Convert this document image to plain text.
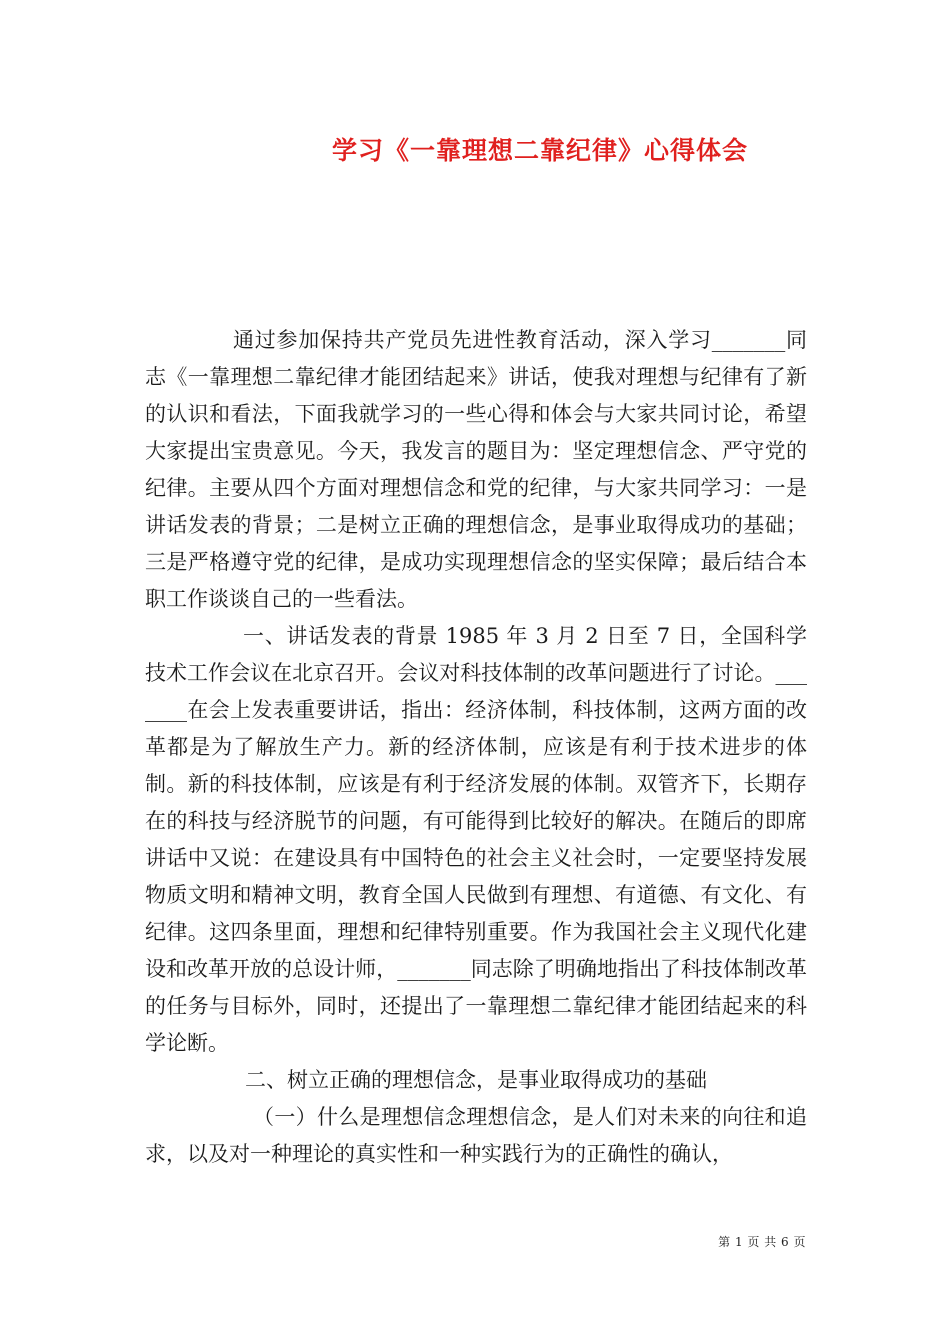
学习《一靠理想二靠纪律》心得体会

通过参加保持共产党员先进性教育活动，深入学习_______同志《一靠理想二靠纪律才能团结起来》讲话，使我对理想与纪律有了新的认识和看法，下面我就学习的一些心得和体会与大家共同讨论，希望大家提出宝贵意见。今天，我发言的题目为：坚定理想信念、严守党的纪律。主要从四个方面对理想信念和党的纪律，与大家共同学习：一是讲话发表的背景；二是树立正确的理想信念，是事业取得成功的基础；三是严格遵守党的纪律，是成功实现理想信念的坚实保障；最后结合本职工作谈谈自己的一些看法。

一、讲话发表的背景 1985 年 3 月 2 日至 7 日，全国科学技术工作会议在北京召开。会议对科技体制的改革问题进行了讨论。_______在会上发表重要讲话，指出：经济体制，科技体制，这两方面的改革都是为了解放生产力。新的经济体制，应该是有利于技术进步的体制。新的科技体制，应该是有利于经济发展的体制。双管齐下，长期存在的科技与经济脱节的问题，有可能得到比较好的解决。在随后的即席讲话中又说：在建设具有中国特色的社会主义社会时，一定要坚持发展物质文明和精神文明，教育全国人民做到有理想、有道德、有文化、有纪律。这四条里面，理想和纪律特别重要。作为我国社会主义现代化建设和改革开放的总设计师，_______同志除了明确地指出了科技体制改革的任务与目标外，同时，还提出了一靠理想二靠纪律才能团结起来的科学论断。

二、树立正确的理想信念，是事业取得成功的基础

（一）什么是理想信念理想信念，是人们对未来的向往和追求，以及对一种理论的真实性和一种实践行为的正确性的确认，

第 1 页 共 6 页
